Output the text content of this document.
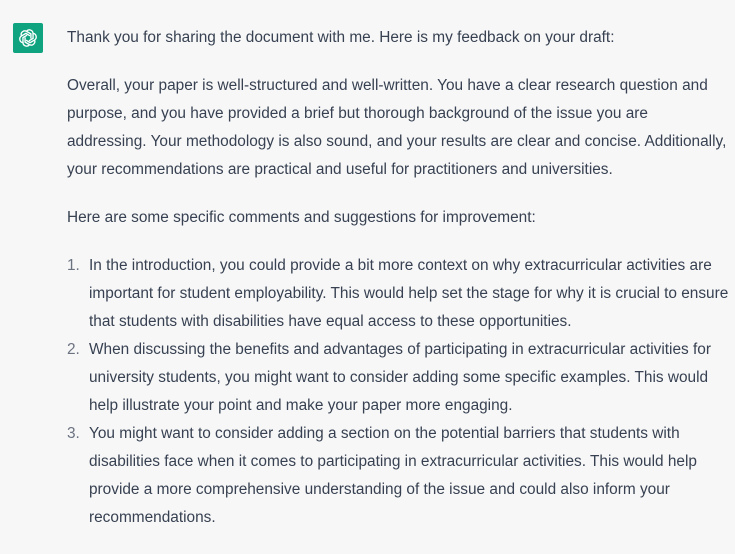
Thank you for sharing the document with me. Here is my feedback on your draft:

Overall, your paper is well-structured and well-written. You have a clear research question and purpose, and you have provided a brief but thorough background of the issue you are addressing. Your methodology is also sound, and your results are clear and concise. Additionally, your recommendations are practical and useful for practitioners and universities.

Here are some specific comments and suggestions for improvement:

1. In the introduction, you could provide a bit more context on why extracurricular activities are important for student employability. This would help set the stage for why it is crucial to ensure that students with disabilities have equal access to these opportunities.
2. When discussing the benefits and advantages of participating in extracurricular activities for university students, you might want to consider adding some specific examples. This would help illustrate your point and make your paper more engaging.
3. You might want to consider adding a section on the potential barriers that students with disabilities face when it comes to participating in extracurricular activities. This would help provide a more comprehensive understanding of the issue and could also inform your recommendations.
